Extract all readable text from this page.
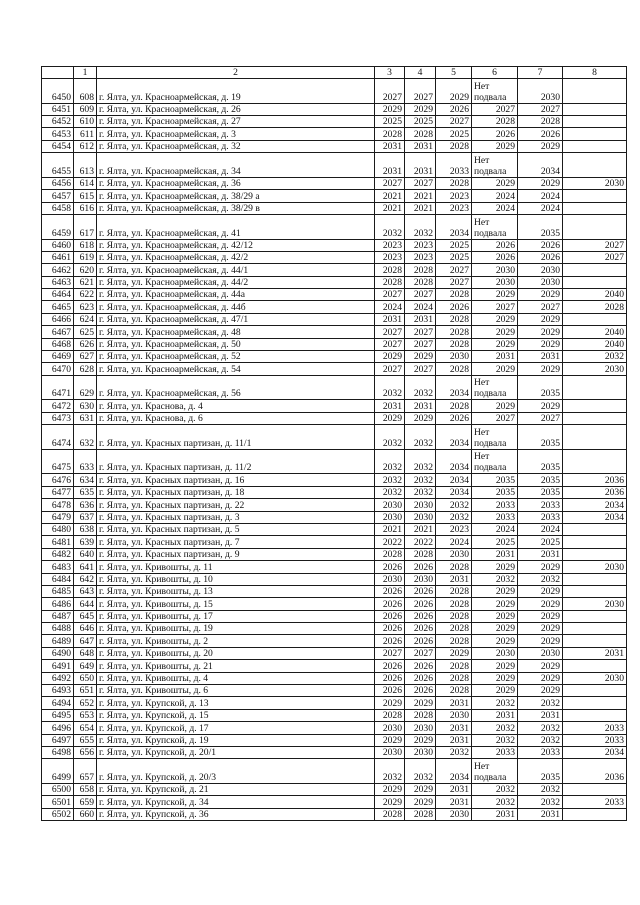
	1	2	3	4	5	6	7	8
6450	608	г. Ялта, ул. Красноармейская, д. 19	2027	2027	2029	Нет подвала	2030	
6451	609	г. Ялта, ул. Красноармейская, д. 26	2029	2029	2026	2027	2027	
6452	610	г. Ялта, ул. Красноармейская, д. 27	2025	2025	2027	2028	2028	
6453	611	г. Ялта, ул. Красноармейская, д. 3	2028	2028	2025	2026	2026	
6454	612	г. Ялта, ул. Красноармейская, д. 32	2031	2031	2028	2029	2029	
6455	613	г. Ялта, ул. Красноармейская, д. 34	2031	2031	2033	Нет подвала	2034	
6456	614	г. Ялта, ул. Красноармейская, д. 36	2027	2027	2028	2029	2029	2030
6457	615	г. Ялта, ул. Красноармейская, д. 38/29 а	2021	2021	2023	2024	2024	
6458	616	г. Ялта, ул. Красноармейская, д. 38/29 в	2021	2021	2023	2024	2024	
6459	617	г. Ялта, ул. Красноармейская, д. 41	2032	2032	2034	Нет подвала	2035	
6460	618	г. Ялта, ул. Красноармейская, д. 42/12	2023	2023	2025	2026	2026	2027
6461	619	г. Ялта, ул. Красноармейская, д. 42/2	2023	2023	2025	2026	2026	2027
6462	620	г. Ялта, ул. Красноармейская, д. 44/1	2028	2028	2027	2030	2030	
6463	621	г. Ялта, ул. Красноармейская, д. 44/2	2028	2028	2027	2030	2030	
6464	622	г. Ялта, ул. Красноармейская, д. 44а	2027	2027	2028	2029	2029	2040
6465	623	г. Ялта, ул. Красноармейская, д. 44б	2024	2024	2026	2027	2027	2028
6466	624	г. Ялта, ул. Красноармейская, д. 47/1	2031	2031	2028	2029	2029	
6467	625	г. Ялта, ул. Красноармейская, д. 48	2027	2027	2028	2029	2029	2040
6468	626	г. Ялта, ул. Красноармейская, д. 50	2027	2027	2028	2029	2029	2040
6469	627	г. Ялта, ул. Красноармейская, д. 52	2029	2029	2030	2031	2031	2032
6470	628	г. Ялта, ул. Красноармейская, д. 54	2027	2027	2028	2029	2029	2030
6471	629	г. Ялта, ул. Красноармейская, д. 56	2032	2032	2034	Нет подвала	2035	
6472	630	г. Ялта, ул. Краснова, д. 4	2031	2031	2028	2029	2029	
6473	631	г. Ялта, ул. Краснова, д. 6	2029	2029	2026	2027	2027	
6474	632	г. Ялта, ул. Красных партизан, д. 11/1	2032	2032	2034	Нет подвала	2035	
6475	633	г. Ялта, ул. Красных партизан, д. 11/2	2032	2032	2034	Нет подвала	2035	
6476	634	г. Ялта, ул. Красных партизан, д. 16	2032	2032	2034	2035	2035	2036
6477	635	г. Ялта, ул. Красных партизан, д. 18	2032	2032	2034	2035	2035	2036
6478	636	г. Ялта, ул. Красных партизан, д. 22	2030	2030	2032	2033	2033	2034
6479	637	г. Ялта, ул. Красных партизан, д. 3	2030	2030	2032	2033	2033	2034
6480	638	г. Ялта, ул. Красных партизан, д. 5	2021	2021	2023	2024	2024	
6481	639	г. Ялта, ул. Красных партизан, д. 7	2022	2022	2024	2025	2025	
6482	640	г. Ялта, ул. Красных партизан, д. 9	2028	2028	2030	2031	2031	
6483	641	г. Ялта, ул. Кривошты, д. 11	2026	2026	2028	2029	2029	2030
6484	642	г. Ялта, ул. Кривошты, д. 10	2030	2030	2031	2032	2032	
6485	643	г. Ялта, ул. Кривошты, д. 13	2026	2026	2028	2029	2029	
6486	644	г. Ялта, ул. Кривошты, д. 15	2026	2026	2028	2029	2029	2030
6487	645	г. Ялта, ул. Кривошты, д. 17	2026	2026	2028	2029	2029	
6488	646	г. Ялта, ул. Кривошты, д. 19	2026	2026	2028	2029	2029	
6489	647	г. Ялта, ул. Кривошты, д. 2	2026	2026	2028	2029	2029	
6490	648	г. Ялта, ул. Кривошты, д. 20	2027	2027	2029	2030	2030	2031
6491	649	г. Ялта, ул. Кривошты, д. 21	2026	2026	2028	2029	2029	
6492	650	г. Ялта, ул. Кривошты, д. 4	2026	2026	2028	2029	2029	2030
6493	651	г. Ялта, ул. Кривошты, д. 6	2026	2026	2028	2029	2029	
6494	652	г. Ялта, ул. Крупской, д. 13	2029	2029	2031	2032	2032	
6495	653	г. Ялта, ул. Крупской, д. 15	2028	2028	2030	2031	2031	
6496	654	г. Ялта, ул. Крупской, д. 17	2030	2030	2031	2032	2032	2033
6497	655	г. Ялта, ул. Крупской, д. 19	2029	2029	2031	2032	2032	2033
6498	656	г. Ялта, ул. Крупской, д. 20/1	2030	2030	2032	2033	2033	2034
6499	657	г. Ялта, ул. Крупской, д. 20/3	2032	2032	2034	Нет подвала	2035	2036
6500	658	г. Ялта, ул. Крупской, д. 21	2029	2029	2031	2032	2032	
6501	659	г. Ялта, ул. Крупской, д. 34	2029	2029	2031	2032	2032	2033
6502	660	г. Ялта, ул. Крупской, д. 36	2028	2028	2030	2031	2031	
